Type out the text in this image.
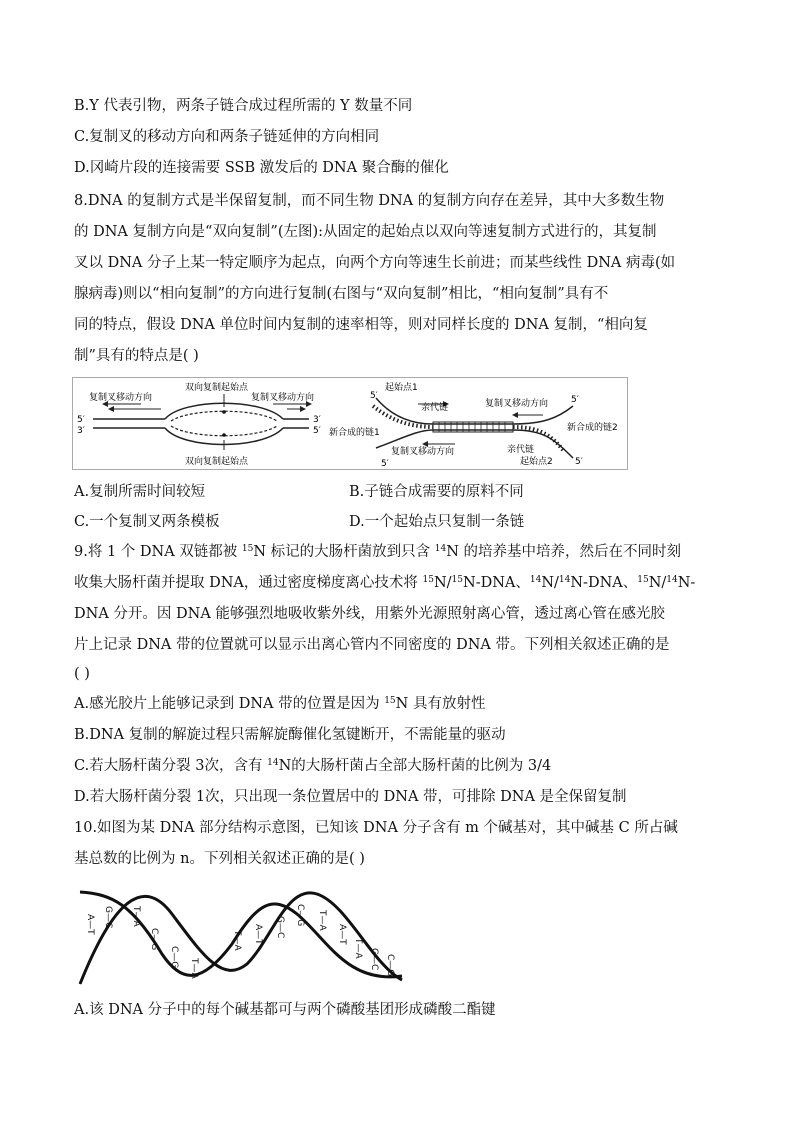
B.Y 代表引物，两条子链合成过程所需的 Y 数量不同
C.复制叉的移动方向和两条子链延伸的方向相同
D.冈崎片段的连接需要 SSB 激发后的 DNA 聚合酶的催化
8.DNA 的复制方式是半保留复制，而不同生物 DNA 的复制方向存在差异，其中大多数生物
的 DNA 复制方向是“双向复制”(左图):从固定的起始点以双向等速复制方式进行的，其复制
叉以 DNA 分子上某一特定顺序为起点，向两个方向等速生长前进；而某些线性 DNA 病毒(如
腺病毒)则以“相向复制”的方向进行复制(右图与“双向复制”相比，“相向复制”具有不
同的特点，假设 DNA 单位时间内复制的速率相等，则对同样长度的 DNA 复制，“相向复
制”具有的特点是( )
双向复制起始点
双向复制起始点
复制叉移动方向	复制叉移动方向
5′
3′
3′
5′
起始点1
起始点2
亲代链
亲代链
复制叉移动方向
复制叉移动方向
新合成的链1	新合成的链2
5′
5′
5′
5′
A.复制所需时间较短	B.子链合成需要的原料不同
C.一个复制叉两条模板	D.一个起始点只复制一条链
9.将 1 个 DNA 双链都被 $^{15}$N 标记的大肠杆菌放到只含 $^{14}$N 的培养基中培养，然后在不同时刻
收集大肠杆菌并提取 DNA，通过密度梯度离心技术将 $^{15}$N/$^{15}$N-DNA、$^{14}$N/$^{14}$N-DNA、$^{15}$N/$^{14}$N-
DNA 分开。因 DNA 能够强烈地吸收紫外线，用紫外光源照射离心管，透过离心管在感光胶
片上记录 DNA 带的位置就可以显示出离心管内不同密度的 DNA 带。下列相关叙述正确的是
( )
A.感光胶片上能够记录到 DNA 带的位置是因为 $^{15}$N 具有放射性
B.DNA 复制的解旋过程只需解旋酶催化氢键断开，不需能量的驱动
C.若大肠杆菌分裂 3次，含有 $^{14}$N的大肠杆菌占全部大肠杆菌的比例为 3/4
D.若大肠杆菌分裂 1次，只出现一条位置居中的 DNA 带，可排除 DNA 是全保留复制
10.如图为某 DNA 部分结构示意图，已知该 DNA 分子含有 m 个碱基对，其中碱基 C 所占碱
基总数的比例为 n。下列相关叙述正确的是( )
A—T G—C T—A
C—G
C—G
T—A
T—A A—T G—C
C—G T—A
A—T
T—A G—C C—G
A.该 DNA 分子中的每个碱基都可与两个磷酸基团形成磷酸二酯键
